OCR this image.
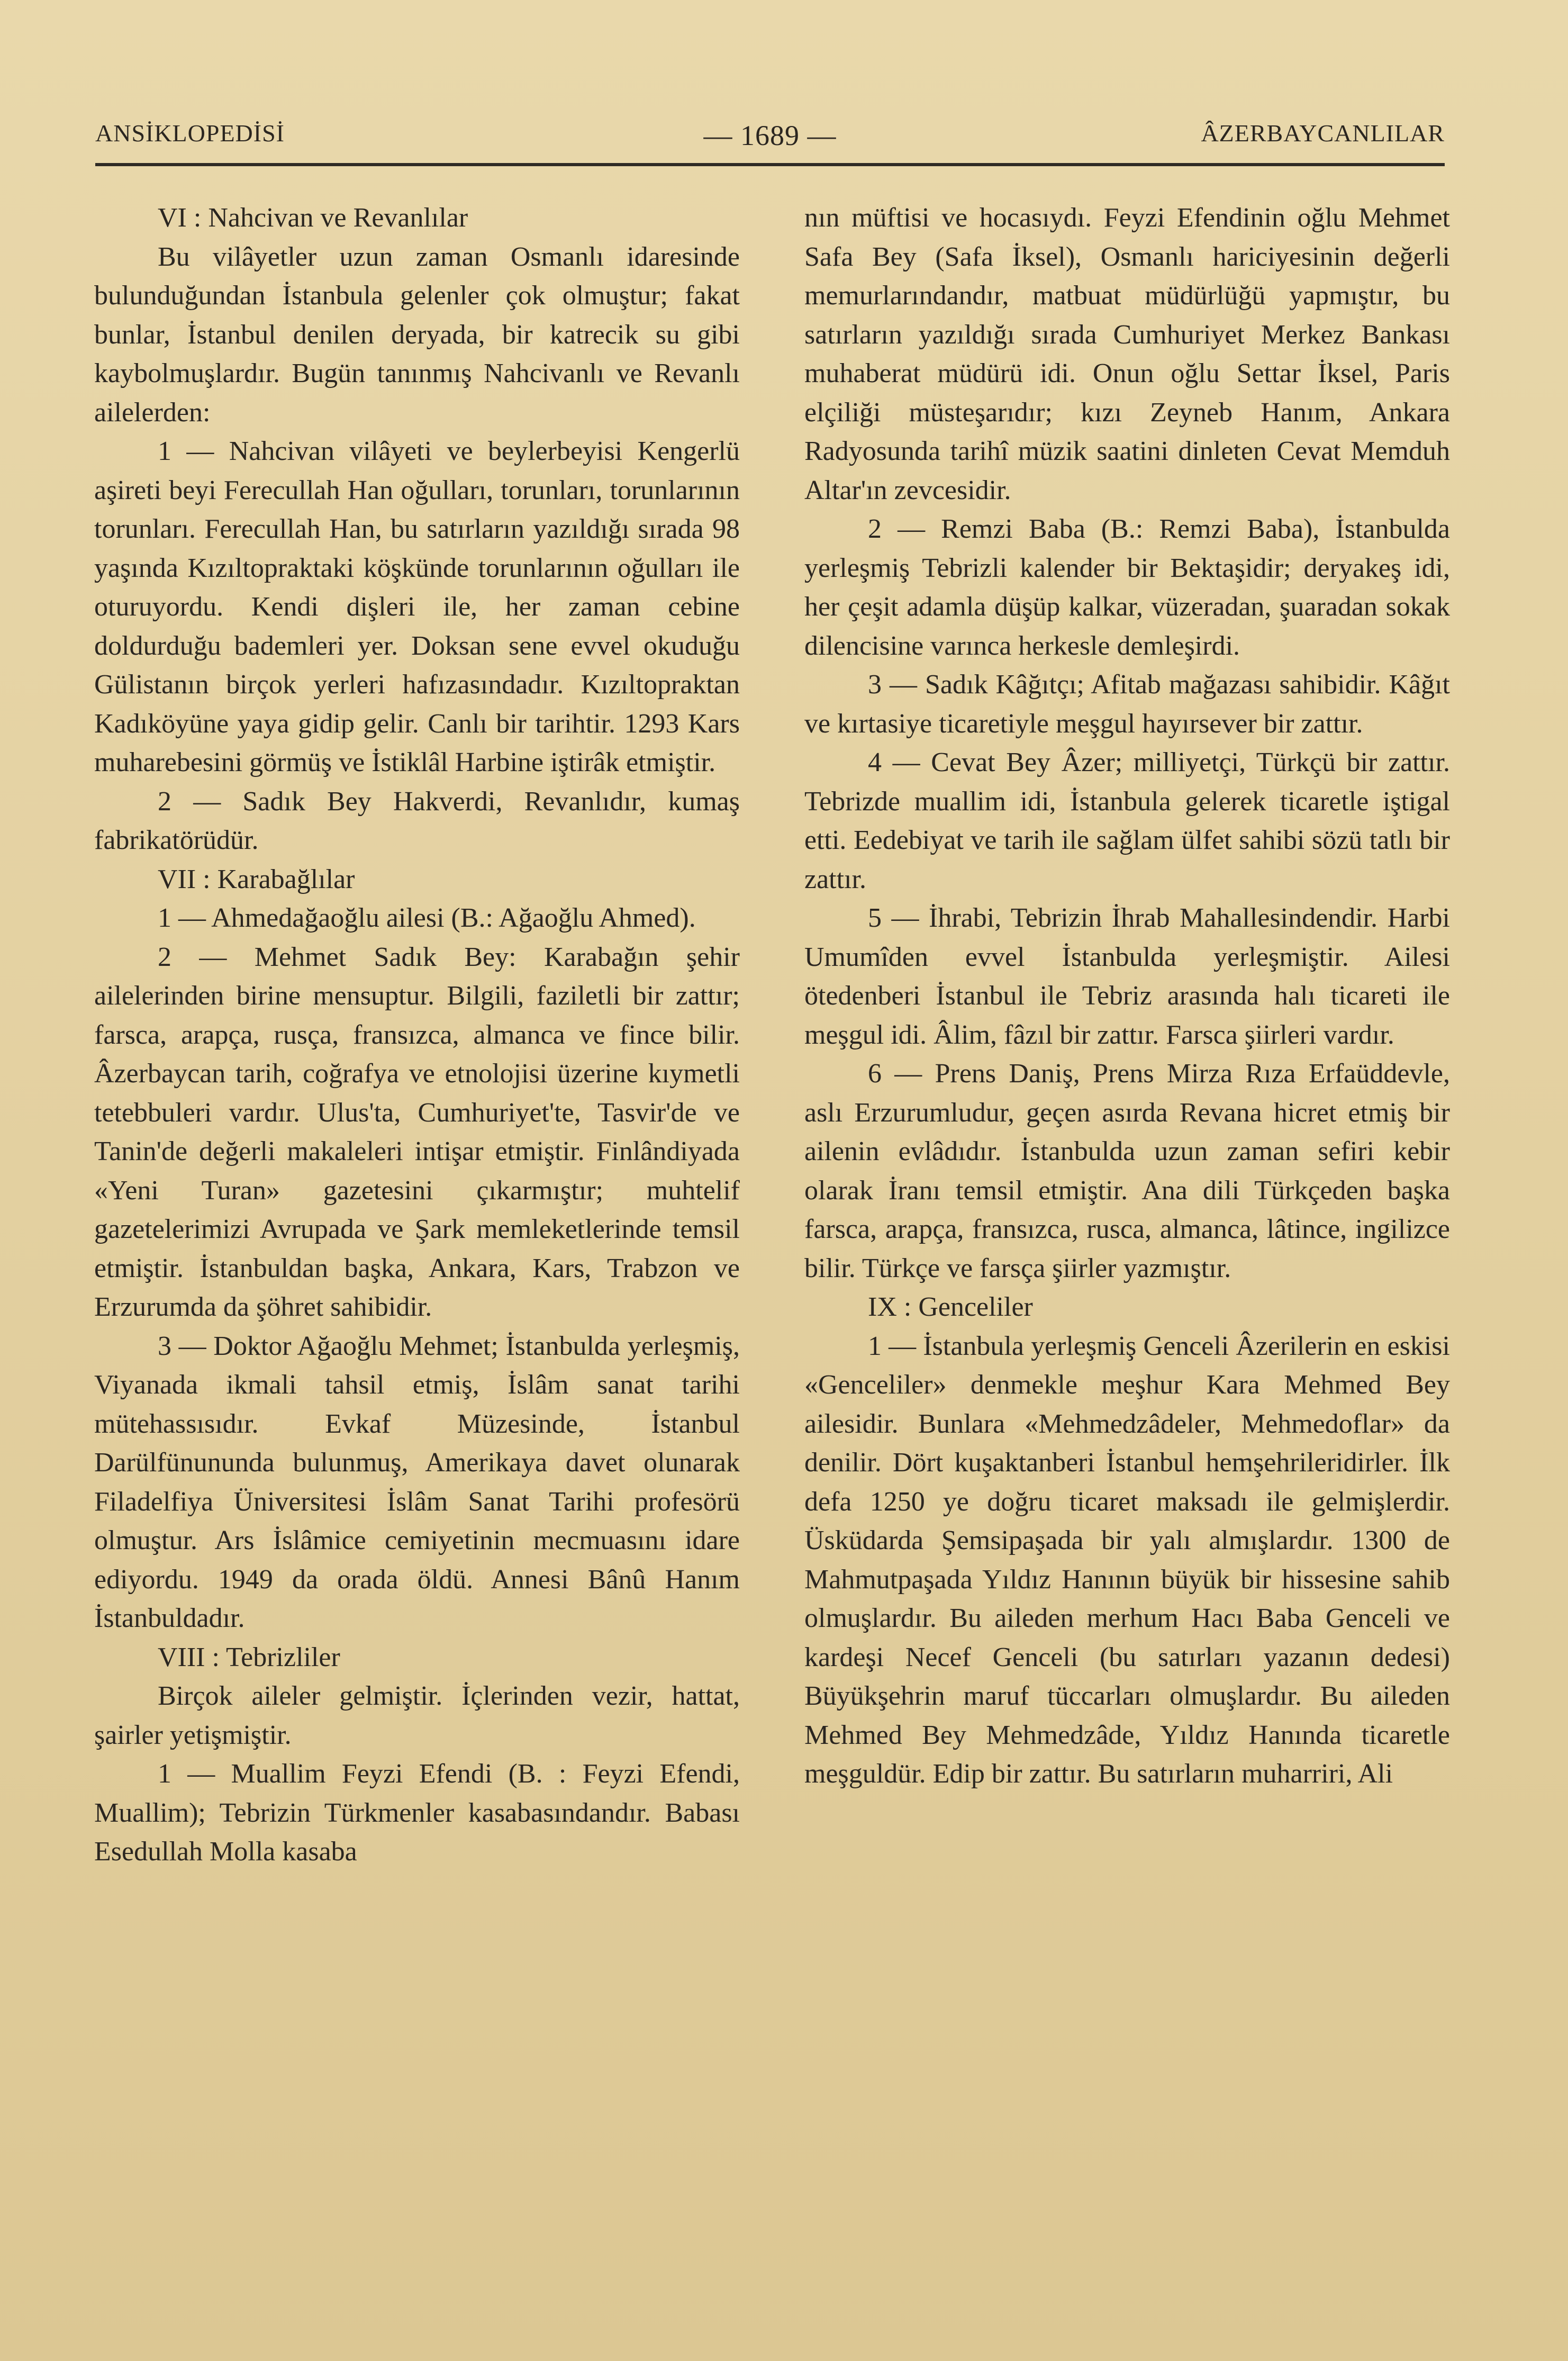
ANSİKLOPEDİSİ	— 1689 —	ÂZERBAYCANLILAR

VI : Nahcivan ve Revanlılar

Bu vilâyetler uzun zaman Osmanlı idaresinde bulunduğundan İstanbula gelenler çok olmuştur; fakat bunlar, İstanbul denilen deryada, bir katrecik su gibi kaybolmuşlardır. Bugün tanınmış Nahcivanlı ve Revanlı ailelerden:

1 — Nahcivan vilâyeti ve beylerbeyisi Kengerlü aşireti beyi Ferecullah Han oğulları, torunları, torunlarının torunları. Ferecullah Han, bu satırların yazıldığı sırada 98 yaşında Kızıltopraktaki köşkünde torunlarının oğulları ile oturuyordu. Kendi dişleri ile, her zaman cebine doldurduğu bademleri yer. Doksan sene evvel okuduğu Gülistanın birçok yerleri hafızasındadır. Kızıltopraktan Kadıköyüne yaya gidip gelir. Canlı bir tarihtir. 1293 Kars muharebesini görmüş ve İstiklâl Harbine iştirâk etmiştir.

2 — Sadık Bey Hakverdi, Revanlıdır, kumaş fabrikatörüdür.

VII : Karabağlılar

1 — Ahmedağaoğlu ailesi (B.: Ağaoğlu Ahmed).

2 — Mehmet Sadık Bey: Karabağın şehir ailelerinden birine mensuptur. Bilgili, faziletli bir zattır; farsca, arapça, rusça, fransızca, almanca ve fince bilir. Âzerbaycan tarih, coğrafya ve etnolojisi üzerine kıymetli tetebbuleri vardır. Ulus'ta, Cumhuriyet'te, Tasvir'de ve Tanin'de değerli makaleleri intişar etmiştir. Finlândiyada «Yeni Turan» gazetesini çıkarmıştır; muhtelif gazetelerimizi Avrupada ve Şark memleketlerinde temsil etmiştir. İstanbuldan başka, Ankara, Kars, Trabzon ve Erzurumda da şöhret sahibidir.

3 — Doktor Ağaoğlu Mehmet; İstanbulda yerleşmiş, Viyanada ikmali tahsil etmiş, İslâm sanat tarihi mütehassısıdır. Evkaf Müzesinde, İstanbul Darülfünununda bulunmuş, Amerikaya davet olunarak Filadelfiya Üniversitesi İslâm Sanat Tarihi profesörü olmuştur. Ars İslâmice cemiyetinin mecmuasını idare ediyordu. 1949 da orada öldü. Annesi Bânû Hanım İstanbuldadır.

VIII : Tebrizliler

Birçok aileler gelmiştir. İçlerinden vezir, hattat, şairler yetişmiştir.

1 — Muallim Feyzi Efendi (B. : Feyzi Efendi, Muallim); Tebrizin Türkmenler kasabasındandır. Babası Esedullah Molla kasaba

nın müftisi ve hocasıydı. Feyzi Efendinin oğlu Mehmet Safa Bey (Safa İksel), Osmanlı hariciyesinin değerli memurlarındandır, matbuat müdürlüğü yapmıştır, bu satırların yazıldığı sırada Cumhuriyet Merkez Bankası muhaberat müdürü idi. Onun oğlu Settar İksel, Paris elçiliği müsteşarıdır; kızı Zeyneb Hanım, Ankara Radyosunda tarihî müzik saatini dinleten Cevat Memduh Altar'ın zevcesidir.

2 — Remzi Baba (B.: Remzi Baba), İstanbulda yerleşmiş Tebrizli kalender bir Bektaşidir; deryakeş idi, her çeşit adamla düşüp kalkar, vüzeradan, şuaradan sokak dilencisine varınca herkesle demleşirdi.

3 — Sadık Kâğıtçı; Afitab mağazası sahibidir. Kâğıt ve kırtasiye ticaretiyle meşgul hayırsever bir zattır.

4 — Cevat Bey Âzer; milliyetçi, Türkçü bir zattır. Tebrizde muallim idi, İstanbula gelerek ticaretle iştigal etti. Eedebiyat ve tarih ile sağlam ülfet sahibi sözü tatlı bir zattır.

5 — İhrabi, Tebrizin İhrab Mahallesindendir. Harbi Umumîden evvel İstanbulda yerleşmiştir. Ailesi ötedenberi İstanbul ile Tebriz arasında halı ticareti ile meşgul idi. Âlim, fâzıl bir zattır. Farsca şiirleri vardır.

6 — Prens Daniş, Prens Mirza Rıza Erfaüddevle, aslı Erzurumludur, geçen asırda Revana hicret etmiş bir ailenin evlâdıdır. İstanbulda uzun zaman sefiri kebir olarak İranı temsil etmiştir. Ana dili Türkçeden başka farsca, arapça, fransızca, rusca, almanca, lâtince, ingilizce bilir. Türkçe ve farsça şiirler yazmıştır.

IX : Genceliler

1 — İstanbula yerleşmiş Genceli Âzerilerin en eskisi «Genceliler» denmekle meşhur Kara Mehmed Bey ailesidir. Bunlara «Mehmedzâdeler, Mehmedoflar» da denilir. Dört kuşaktanberi İstanbul hemşehrileridirler. İlk defa 1250 ye doğru ticaret maksadı ile gelmişlerdir. Üsküdarda Şemsipaşada bir yalı almışlardır. 1300 de Mahmutpaşada Yıldız Hanının büyük bir hissesine sahib olmuşlardır. Bu aileden merhum Hacı Baba Genceli ve kardeşi Necef Genceli (bu satırları yazanın dedesi) Büyükşehrin maruf tüccarları olmuşlardır. Bu aileden Mehmed Bey Mehmedzâde, Yıldız Hanında ticaretle meşguldür. Edip bir zattır. Bu satırların muharriri, Ali
